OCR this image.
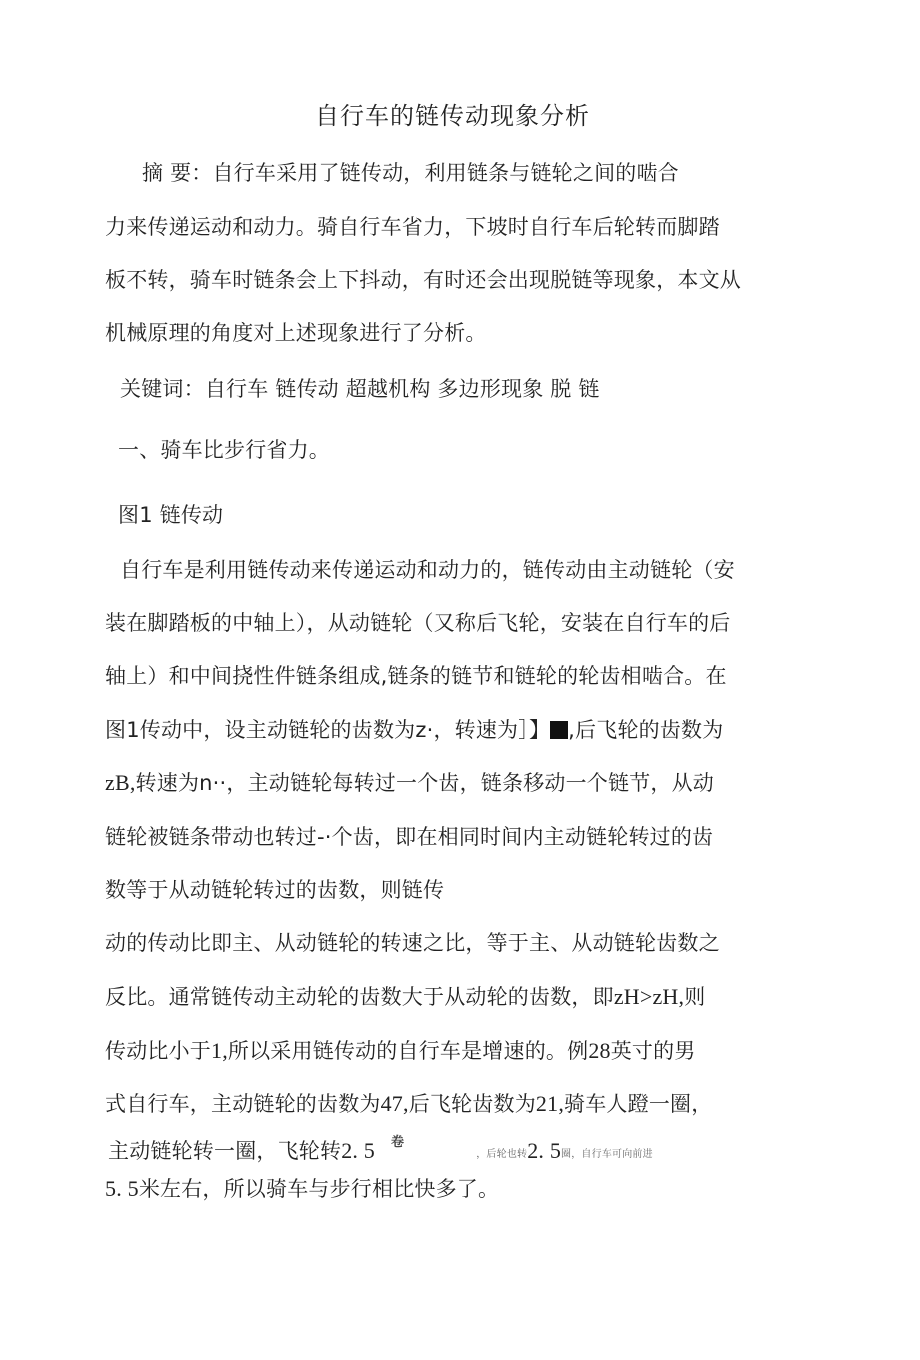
自行车的链传动现象分析
摘 要：自行车采用了链传动，利用链条与链轮之间的啮合
力来传递运动和动力。骑自行车省力，下坡时自行车后轮转而脚踏
板不转，骑车时链条会上下抖动，有时还会出现脱链等现象，本文从
机械原理的角度对上述现象进行了分析。
关键词：自行车 链传动 超越机构 多边形现象 脱 链
一、骑车比步行省力。
图1 链传动
自行车是利用链传动来传递运动和动力的，链传动由主动链轮（安
装在脚踏板的中轴上），从动链轮（又称后飞轮，安装在自行车的后
轴上）和中间挠性件链条组成,链条的链节和链轮的轮齿相啮合。在
图1传动中，设主动链轮的齿数为z·，转速为］】 ,后飞轮的齿数为
zB,转速为n··，主动链轮每转过一个齿，链条移动一个链节，从动
链轮被链条带动也转过-·个齿，即在相同时间内主动链轮转过的齿
数等于从动链轮转过的齿数，则链传
动的传动比即主、从动链轮的转速之比，等于主、从动链轮齿数之
反比。通常链传动主动轮的齿数大于从动轮的齿数，即zH>zH,则
传动比小于1,所以采用链传动的自行车是增速的。例28英寸的男
式自行车，主动链轮的齿数为47,后飞轮齿数为21,骑车人蹬一圈，
主动链轮转一圈，飞轮转2. 5 卷，后轮也转2. 5圈，自行车可向前进
5. 5米左右，所以骑车与步行相比快多了。
